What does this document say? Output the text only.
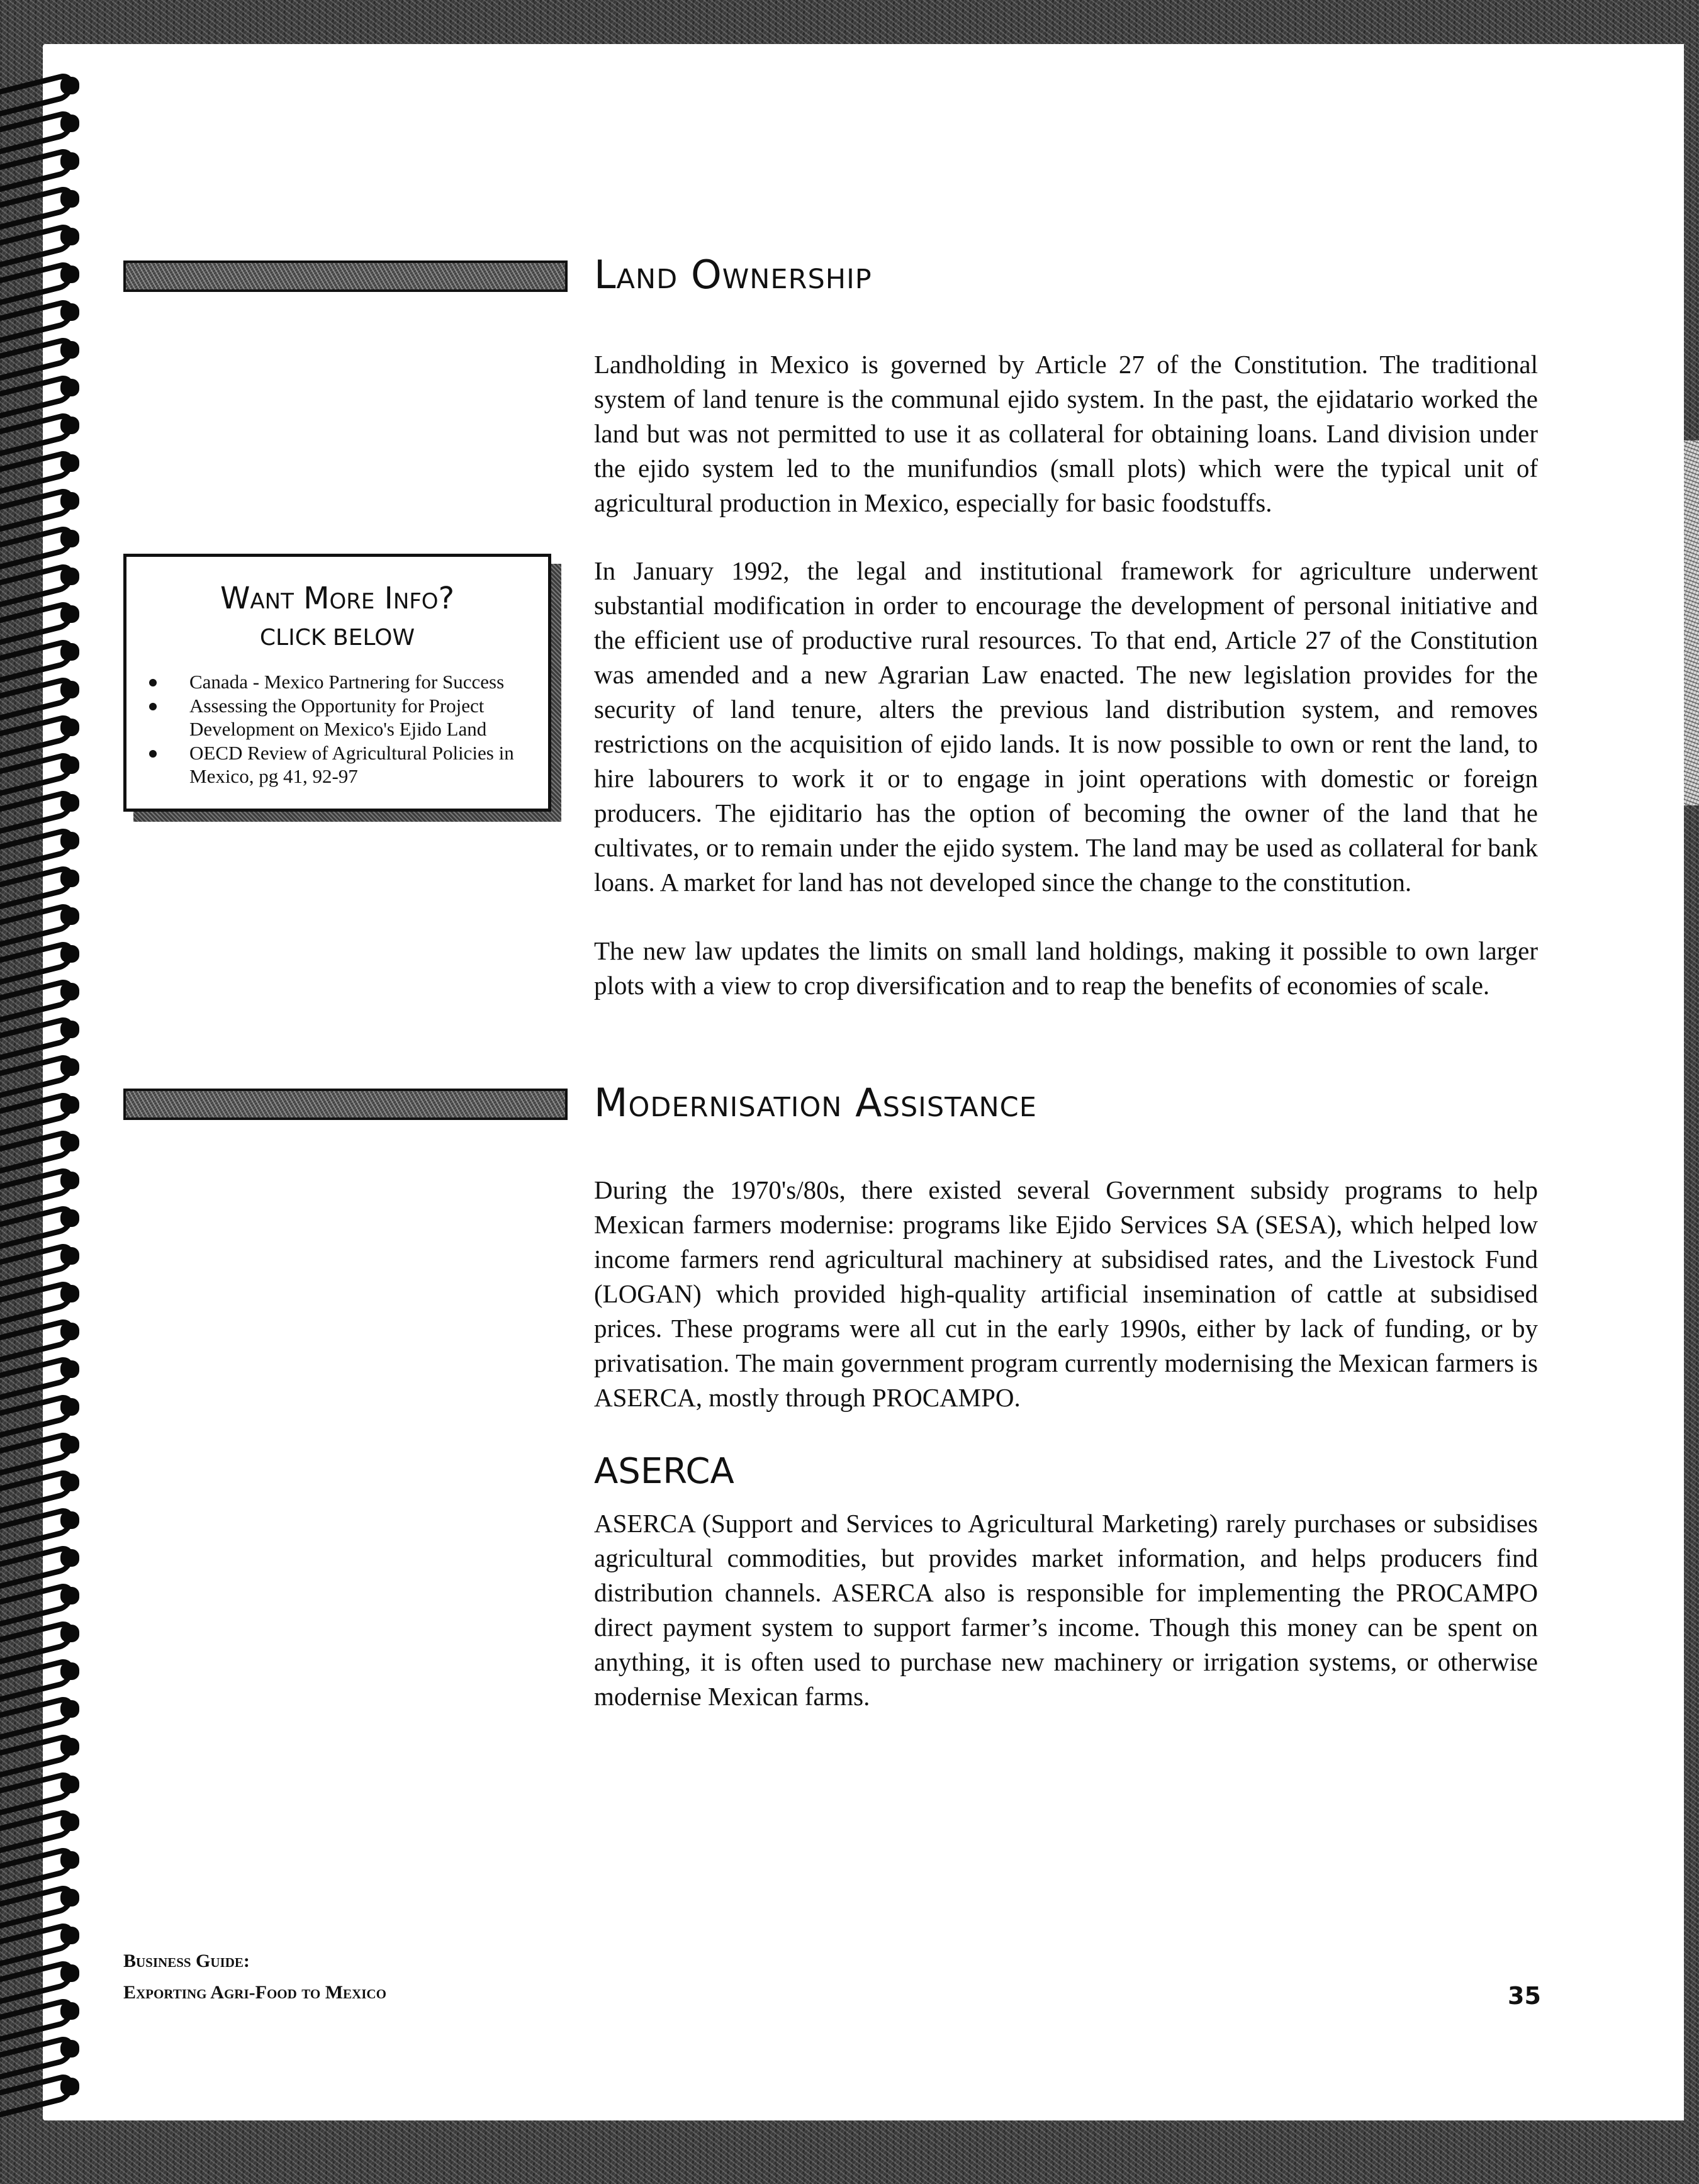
Land Ownership

Landholding in Mexico is governed by Article 27 of the Constitution. The traditional system of land tenure is the communal ejido system. In the past, the ejidatario worked the land but was not permitted to use it as collateral for obtaining loans. Land division under the ejido system led to the munifundios (small plots) which were the typical unit of agricultural production in Mexico, especially for basic foodstuffs.

In January 1992, the legal and institutional framework for agriculture underwent substantial modification in order to encourage the development of personal initiative and the efficient use of productive rural resources. To that end, Article 27 of the Constitution was amended and a new Agrarian Law enacted. The new legislation provides for the security of land tenure, alters the previous land distribution system, and removes restrictions on the acquisition of ejido lands. It is now possible to own or rent the land, to hire labourers to work it or to engage in joint operations with domestic or foreign producers. The ejiditario has the option of becoming the owner of the land that he cultivates, or to remain under the ejido system. The land may be used as collateral for bank loans. A market for land has not developed since the change to the constitution.

The new law updates the limits on small land holdings, making it possible to own larger plots with a view to crop diversification and to reap the benefits of economies of scale.

Want More Info?
CLICK BELOW
Canada - Mexico Partnering for Success
Assessing the Opportunity for Project Development on Mexico's Ejido Land
OECD Review of Agricultural Policies in Mexico, pg 41, 92-97
Modernisation Assistance

During the 1970's/80s, there existed several Government subsidy programs to help Mexican farmers modernise: programs like Ejido Services SA (SESA), which helped low income farmers rend agricultural machinery at subsidised rates, and the Livestock Fund (LOGAN) which provided high-quality artificial insemination of cattle at subsidised prices. These programs were all cut in the early 1990s, either by lack of funding, or by privatisation. The main government program currently modernising the Mexican farmers is ASERCA, mostly through PROCAMPO.

ASERCA

ASERCA (Support and Services to Agricultural Marketing) rarely purchases or subsidises agricultural commodities, but provides market information, and helps producers find distribution channels. ASERCA also is responsible for implementing the PROCAMPO direct payment system to support farmer’s income. Though this money can be spent on anything, it is often used to purchase new machinery or irrigation systems, or otherwise modernise Mexican farms.

Business Guide:
Exporting Agri-Food to Mexico	35
